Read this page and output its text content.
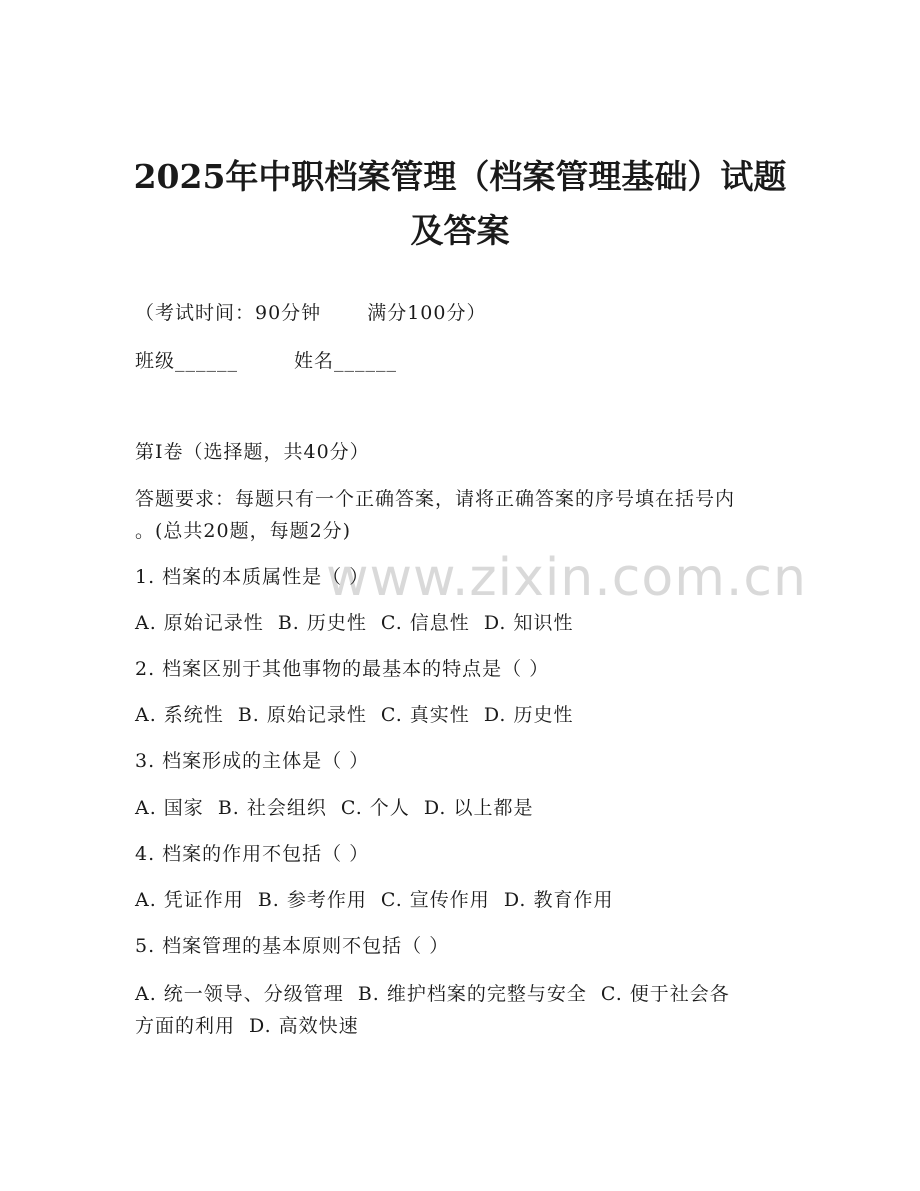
www.zixin.com.cn
2025年中职档案管理（档案管理基础）试题
及答案
（考试时间：90分钟 满分100分）
班级______	姓名______
第I卷（选择题，共40分）
答题要求：每题只有一个正确答案，请将正确答案的序号填在括号内
。(总共20题，每题2分)
1. 档案的本质属性是（ ）
A. 原始记录性 B. 历史性 C. 信息性 D. 知识性
2. 档案区别于其他事物的最基本的特点是（ ）
A. 系统性 B. 原始记录性 C. 真实性 D. 历史性
3. 档案形成的主体是（ ）
A. 国家 B. 社会组织 C. 个人 D. 以上都是
4. 档案的作用不包括（ ）
A. 凭证作用 B. 参考作用 C. 宣传作用 D. 教育作用
5. 档案管理的基本原则不包括（ ）
A. 统一领导、分级管理 B. 维护档案的完整与安全 C. 便于社会各
方面的利用 D. 高效快速
